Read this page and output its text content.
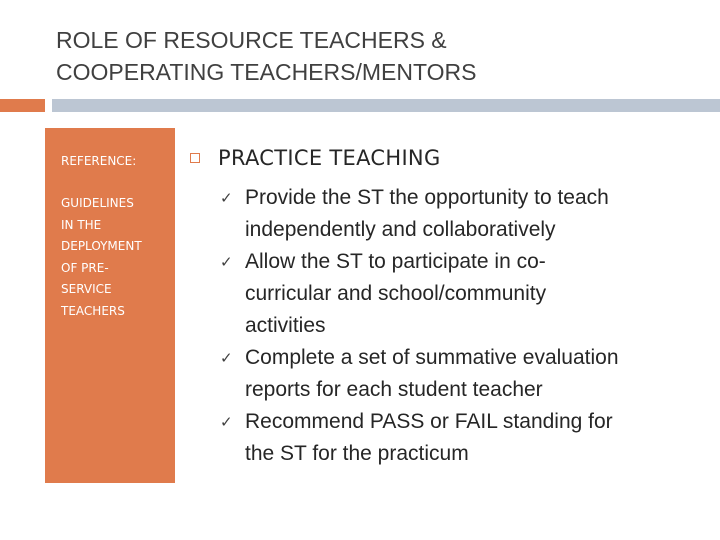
ROLE OF RESOURCE TEACHERS &
COOPERATING TEACHERS/MENTORS
REFERENCE:
GUIDELINES
IN THE
DEPLOYMENT
OF PRE-
SERVICE
TEACHERS
PRACTICE TEACHING
✓ Provide the ST the opportunity to teach
independently and collaboratively
✓ Allow the ST to participate in co-
curricular and school/community
activities
✓ Complete a set of summative evaluation
reports for each student teacher
✓ Recommend PASS or FAIL standing for
the ST for the practicum
